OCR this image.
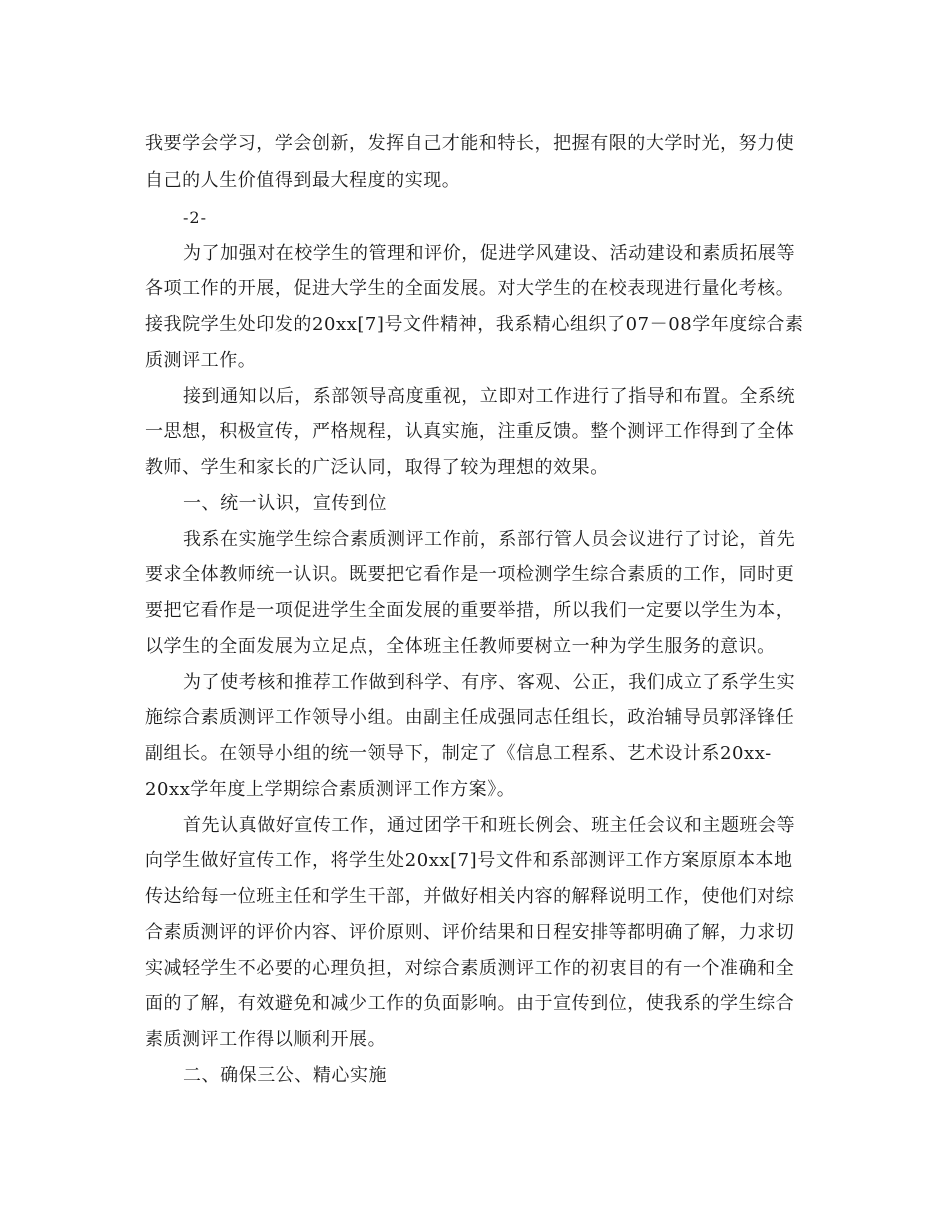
我要学会学习，学会创新，发挥自己才能和特长，把握有限的大学时光，努力使
自己的人生价值得到最大程度的实现。
-2-
为了加强对在校学生的管理和评价，促进学风建设、活动建设和素质拓展等
各项工作的开展，促进大学生的全面发展。对大学生的在校表现进行量化考核。
接我院学生处印发的20xx[7]号文件精神，我系精心组织了07－08学年度综合素
质测评工作。
接到通知以后，系部领导高度重视，立即对工作进行了指导和布置。全系统
一思想，积极宣传，严格规程，认真实施，注重反馈。整个测评工作得到了全体
教师、学生和家长的广泛认同，取得了较为理想的效果。
一、统一认识，宣传到位
我系在实施学生综合素质测评工作前，系部行管人员会议进行了讨论，首先
要求全体教师统一认识。既要把它看作是一项检测学生综合素质的工作，同时更
要把它看作是一项促进学生全面发展的重要举措，所以我们一定要以学生为本，
以学生的全面发展为立足点，全体班主任教师要树立一种为学生服务的意识。
为了使考核和推荐工作做到科学、有序、客观、公正，我们成立了系学生实
施综合素质测评工作领导小组。由副主任成强同志任组长，政治辅导员郭泽锋任
副组长。在领导小组的统一领导下，制定了《信息工程系、艺术设计系20xx-
20xx学年度上学期综合素质测评工作方案》。
首先认真做好宣传工作，通过团学干和班长例会、班主任会议和主题班会等
向学生做好宣传工作，将学生处20xx[7]号文件和系部测评工作方案原原本本地
传达给每一位班主任和学生干部，并做好相关内容的解释说明工作，使他们对综
合素质测评的评价内容、评价原则、评价结果和日程安排等都明确了解，力求切
实减轻学生不必要的心理负担，对综合素质测评工作的初衷目的有一个准确和全
面的了解，有效避免和减少工作的负面影响。由于宣传到位，使我系的学生综合
素质测评工作得以顺利开展。
二、确保三公、精心实施
